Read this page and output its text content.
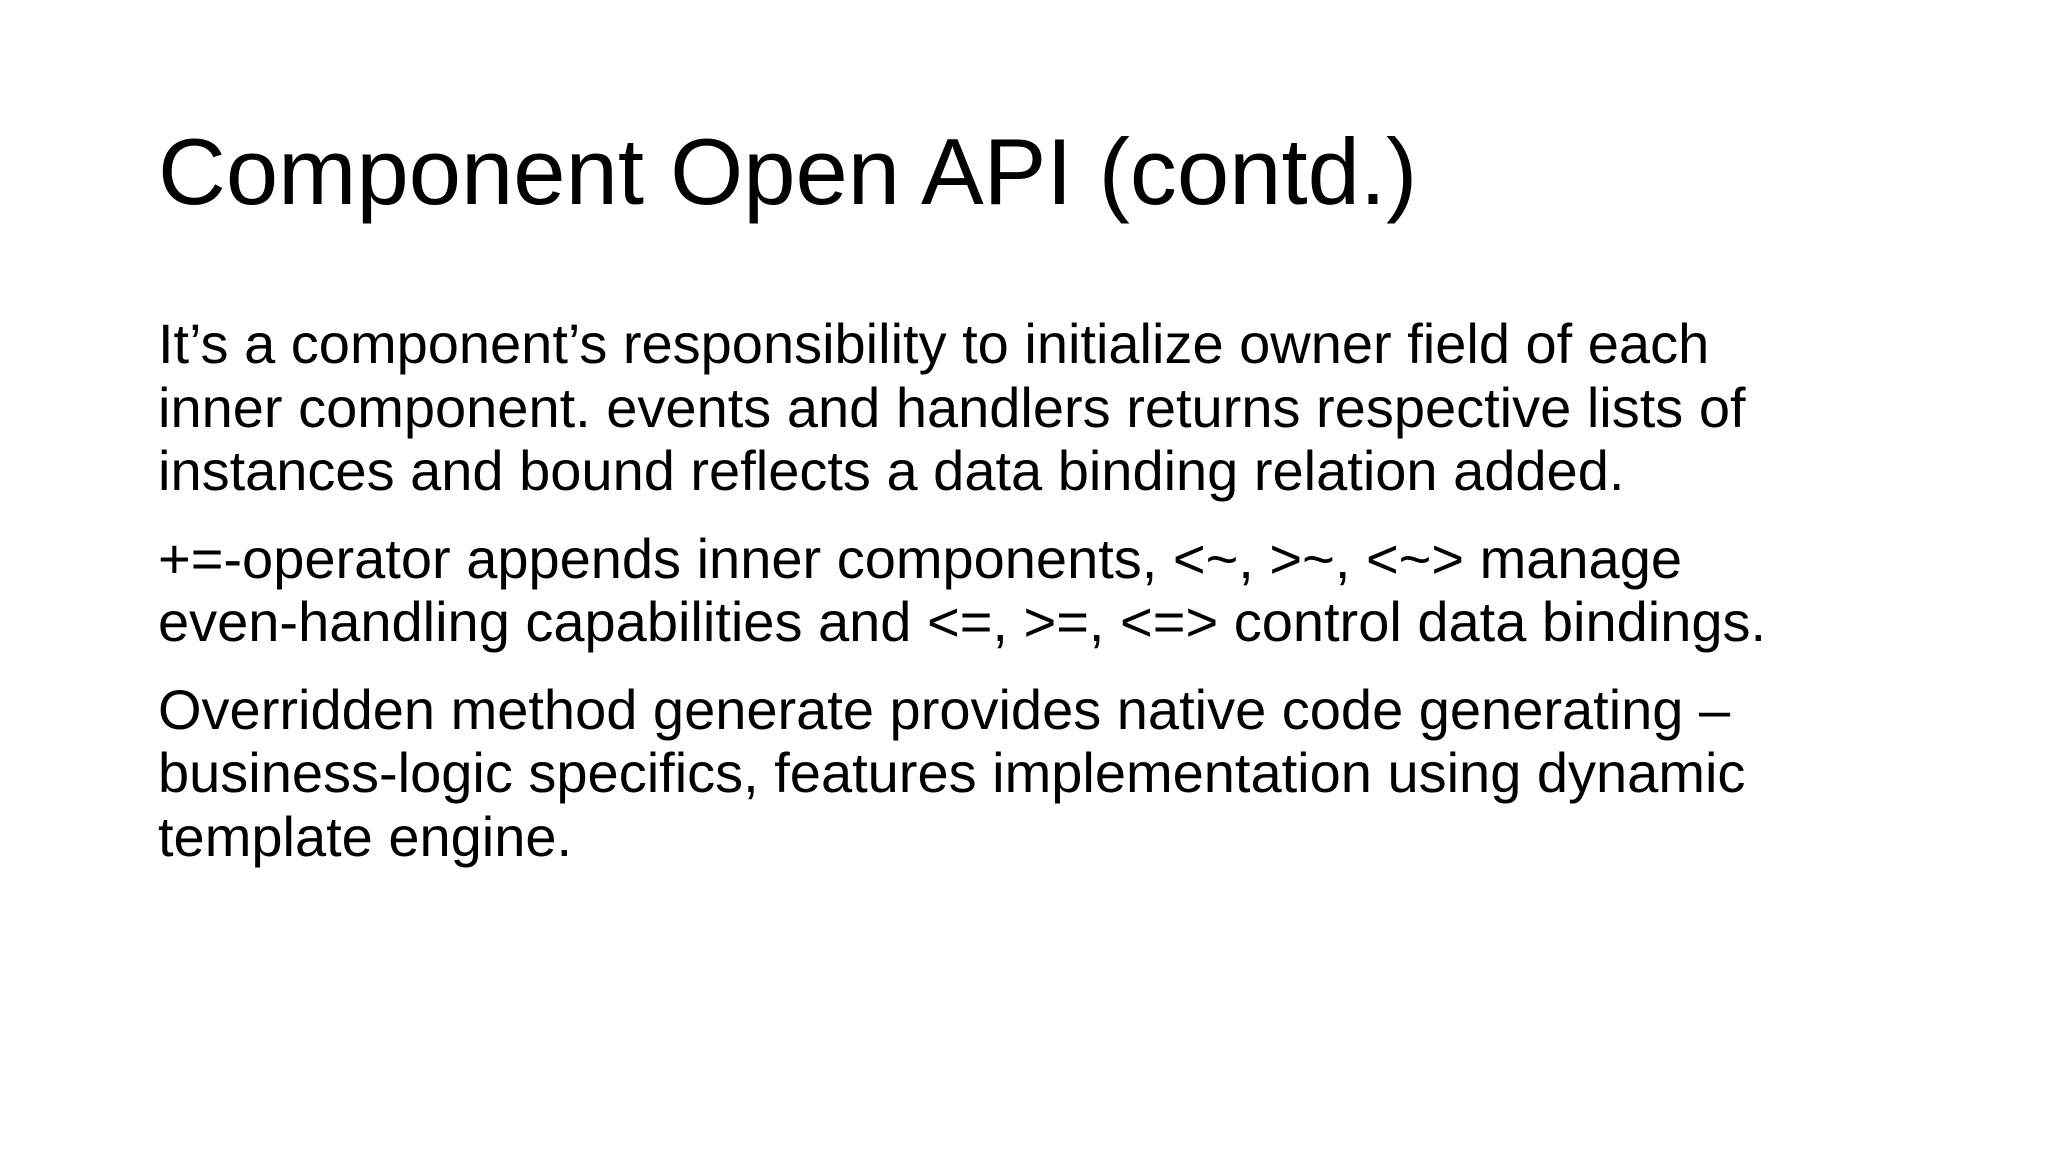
Component Open API (contd.)

It’s a component’s responsibility to initialize owner field of each
inner component. events and handlers returns respective lists of
instances and bound reflects a data binding relation added.

+=-operator appends inner components, <~, >~, <~> manage
even-handling capabilities and <=, >=, <=> control data bindings.

Overridden method generate provides native code generating –
business-logic specifics, features implementation using dynamic
template engine.
